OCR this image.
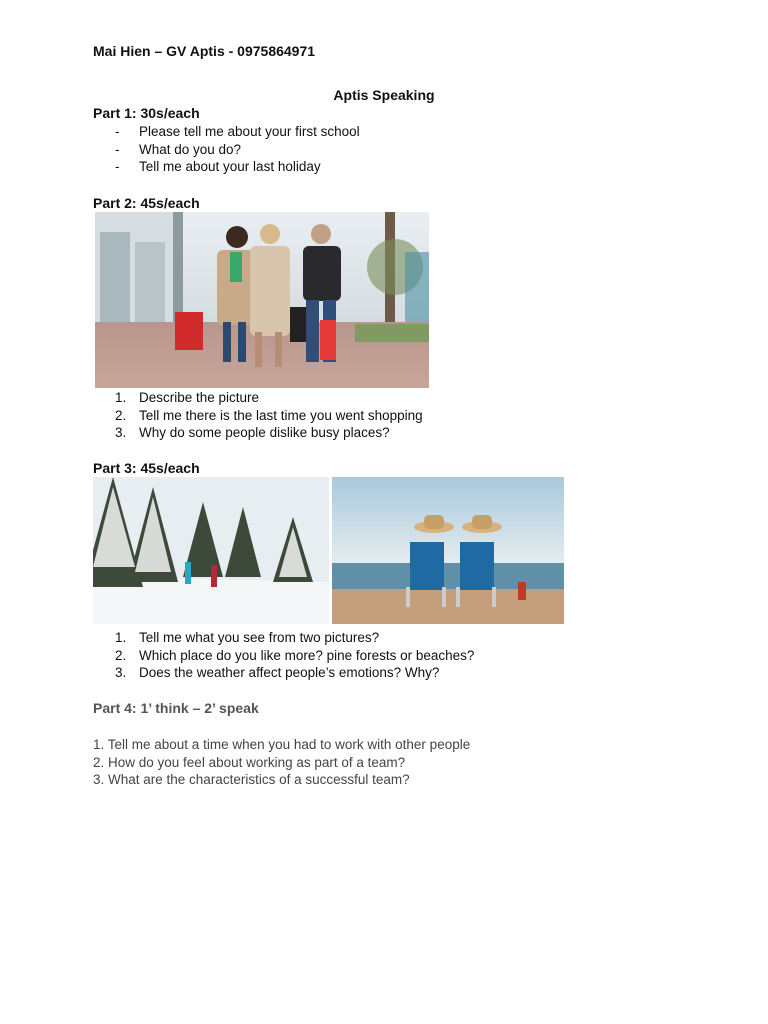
Mai Hien – GV Aptis - 0975864971
Aptis Speaking
Part 1: 30s/each
-	Please tell me about your first school
-	What do you do?
-	Tell me about your last holiday
Part 2: 45s/each
1. Describe the picture
2. Tell me there is the last time you went shopping
3. Why do some people dislike busy places?
Part 3: 45s/each
1. Tell me what you see from two pictures?
2. Which place do you like more? pine forests or beaches?
3. Does the weather affect people’s emotions? Why?
Part 4: 1’ think – 2’ speak
1. Tell me about a time when you had to work with other people
2. How do you feel about working as part of a team?
3. What are the characteristics of a successful team?
